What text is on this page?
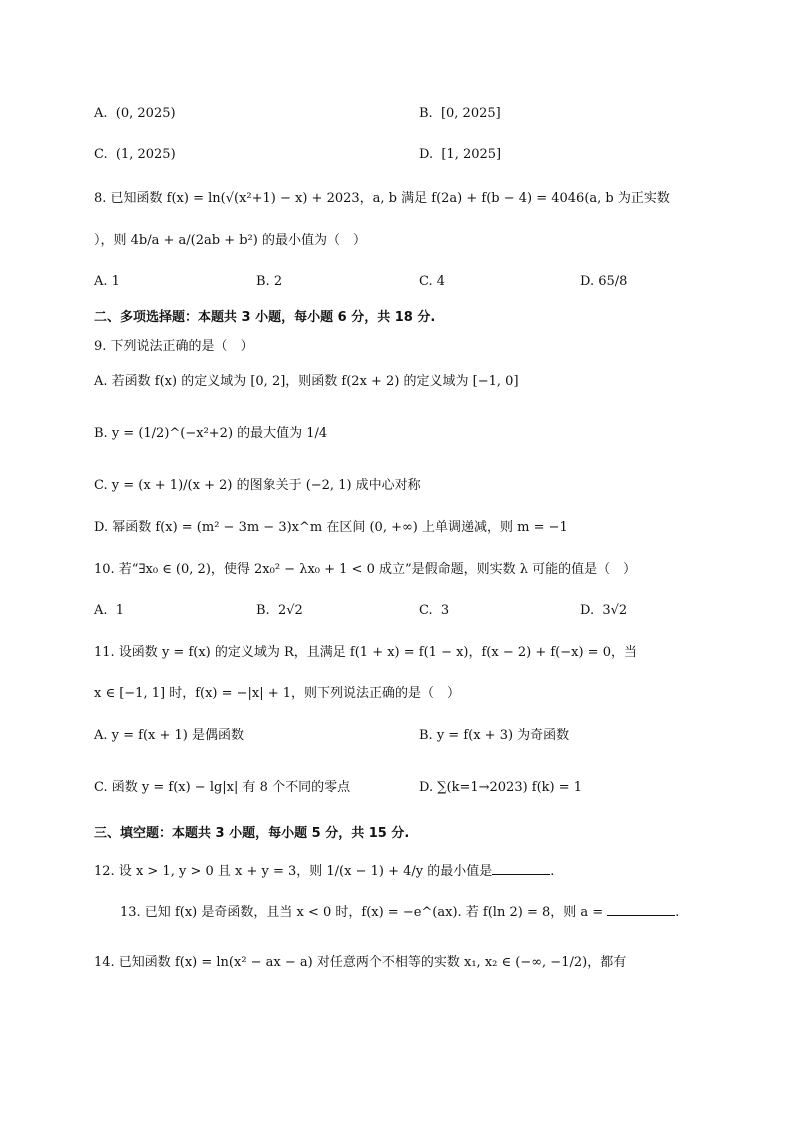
A. (0, 2025)	B. [0, 2025]
C. (1, 2025)	D. [1, 2025]
8. 已知函数 f(x) = ln(√(x²+1) − x) + 2023，a, b 满足 f(2a) + f(b − 4) = 4046(a, b 为正实数
），则 4b/a + a/(2ab + b²) 的最小值为（　）
A. 1	B. 2	C. 4	D. 65/8
二、多项选择题：本题共 3 小题，每小题 6 分，共 18 分.
9. 下列说法正确的是（　）
A. 若函数 f(x) 的定义域为 [0, 2]，则函数 f(2x + 2) 的定义域为 [−1, 0]
B. y = (1/2)^(−x²+2) 的最大值为 1/4
C. y = (x + 1)/(x + 2) 的图象关于 (−2, 1) 成中心对称
D. 幂函数 f(x) = (m² − 3m − 3)x^m 在区间 (0, +∞) 上单调递减，则 m = −1
10. 若“∃x₀ ∈ (0, 2)，使得 2x₀² − λx₀ + 1 < 0 成立”是假命题，则实数 λ 可能的值是（　）
A. 1	B. 2√2	C. 3	D. 3√2
11. 设函数 y = f(x) 的定义域为 R，且满足 f(1 + x) = f(1 − x)，f(x − 2) + f(−x) = 0，当
x ∈ [−1, 1] 时，f(x) = −|x| + 1，则下列说法正确的是（　）
A. y = f(x + 1) 是偶函数	B. y = f(x + 3) 为奇函数
C. 函数 y = f(x) − lg|x| 有 8 个不同的零点	D. ∑(k=1→2023) f(k) = 1
三、填空题：本题共 3 小题，每小题 5 分，共 15 分.
12. 设 x > 1, y > 0 且 x + y = 3，则 1/(x − 1) + 4/y 的最小值是	.
13. 已知 f(x) 是奇函数，且当 x < 0 时，f(x) = −e^(ax). 若 f(ln 2) = 8，则 a =	.
14. 已知函数 f(x) = ln(x² − ax − a) 对任意两个不相等的实数 x₁, x₂ ∈ (−∞, −1/2)，都有
